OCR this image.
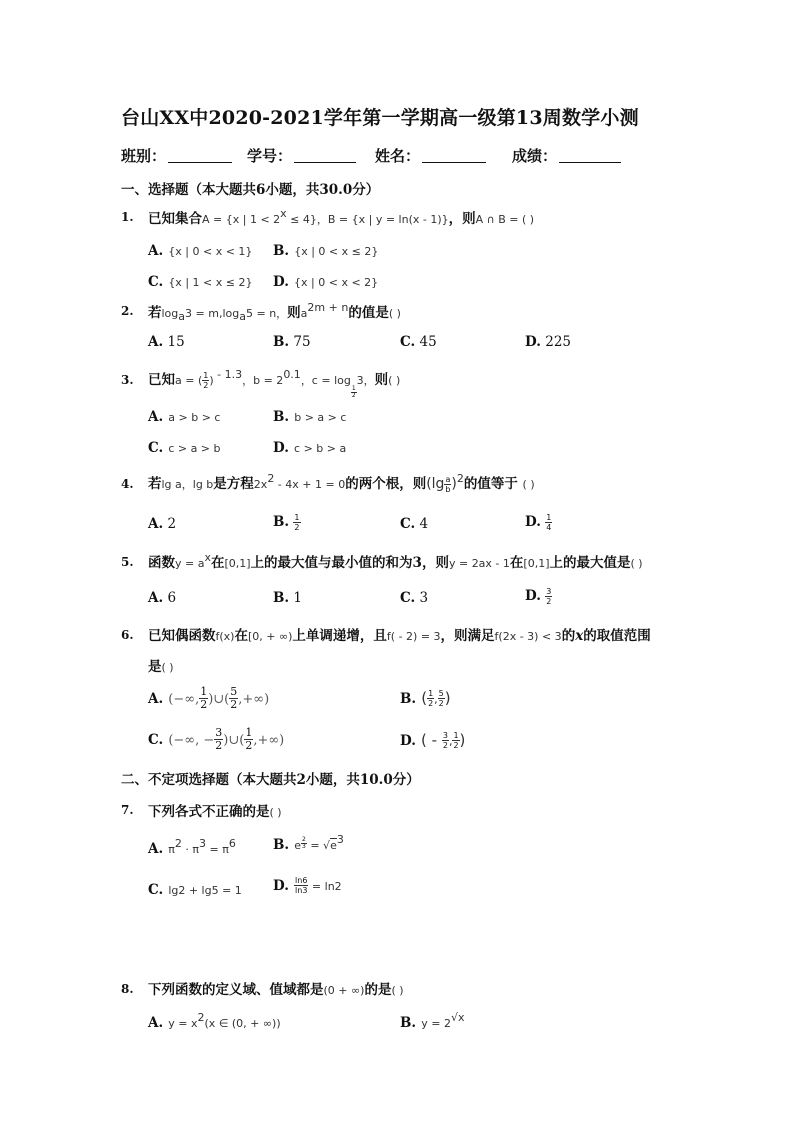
台山XX中2020-2021学年第一学期高一级第13周数学小测
班别：	学号：	姓名：	成绩：
一、选择题（本大题共6小题，共30.0分）
1. 已知集合A = {x | $1 < 2^x \le 4$}，B = {x | y = ln(x - 1)}，则A ∩ B = ( )
A. {x | 0 < x < 1} B. {x | 0 < x ≤ 2}
C. {x | 1 < x ≤ 2} D. {x | 0 < x < 2}
2. 若$\log_a3 = m,\log_a5 = n$，则$a^{2m + n}$的值是( )
A. 15	B. 75	C. 45	D. 225
3. 已知a = ( $\frac{1}{2}$ ) $^{- 1.3}$，$b = 2^{0.1}$，c = log
$\frac{1}{2}$
3，则( )
A. a > b > c	B. b > a > c
C. c > a > b	D. c > b > a
4. 若lg a，lg b是方程$2x^2 - 4x + 1 = 0$的两个根，则$(\lg \frac{a}{b} )^2$的值等于 ( )
A. 2	B. $\frac{1}{2}$	C. 4	D. $\frac{1}{4}$
5. 函数$y = a^x$在[0,1]上的最大值与最小值的和为3，则y = 2ax - 1在[0,1]上的最大值是( )
A. 6	B. 1	C. 3	D. $\frac{3}{2}$
6. 已知偶函数f(x)在[0, + ∞)上单调递增，且f( - 2) = 3，则满足f(2x - 3) < 3的x的取值范围
是( )
A. (−∞, $\frac{1}{2}$ )∪( $\frac{5}{2}$ ,+∞)	B. ( $\frac{1}{2}$ , $\frac{5}{2}$ )
C. (−∞, − $\frac{3}{2}$ )∪( $\frac{1}{2}$ ,+∞)	D. ( - $\frac{3}{2}$ , $\frac{1}{2}$ )
二、不定项选择题（本大题共2小题，共10.0分）
7. 下列各式不正确的是( )
A. $\pi^2 \cdot \pi^3 = \pi^6$	B. e $\frac{2}{3} = √e^3$
C. lg2 + lg5 = 1 D. $\frac{\ln 6}{\ln 3} = \ln 2$
8. 下列函数的定义域、值域都是(0 + ∞)的是( )
A. $y = x^2(x$ ∈ (0, + ∞))	B. $y = 2^{√x}$
